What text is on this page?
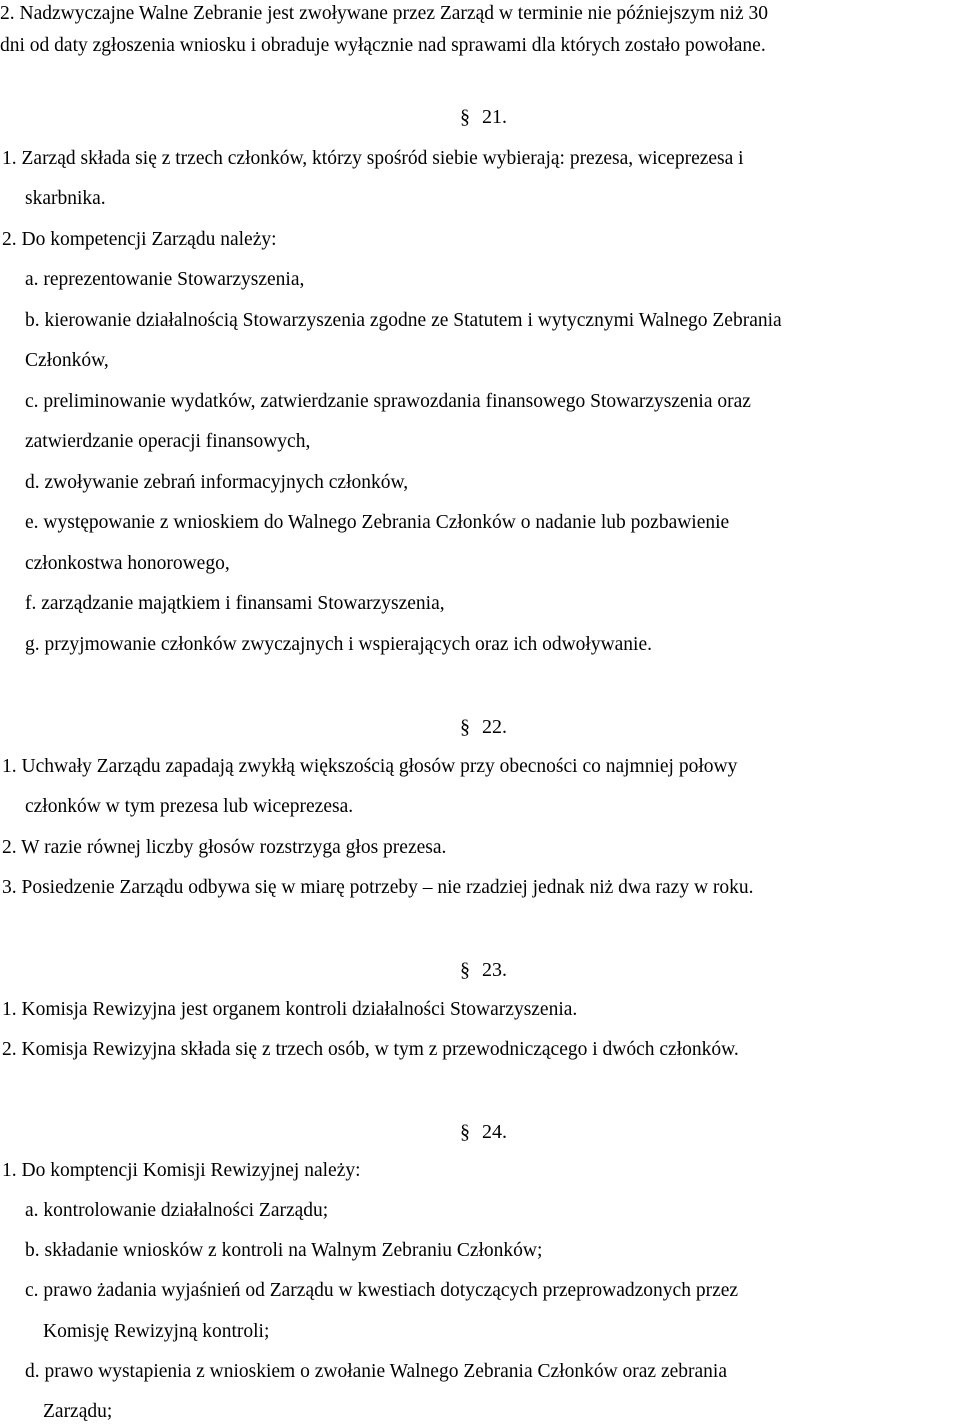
2. Nadzwyczajne Walne Zebranie jest zwoływane przez Zarząd w terminie nie późniejszym niż 30
dni od daty zgłoszenia wniosku i obraduje wyłącznie nad sprawami dla których zostało powołane.
§ 21.
1. Zarząd składa się z trzech członków, którzy spośród siebie wybierają: prezesa, wiceprezesa i
skarbnika.
2. Do kompetencji Zarządu należy:
a. reprezentowanie Stowarzyszenia,
b. kierowanie działalnością Stowarzyszenia zgodne ze Statutem i wytycznymi Walnego Zebrania
Członków,
c. preliminowanie wydatków, zatwierdzanie sprawozdania finansowego Stowarzyszenia oraz
zatwierdzanie operacji finansowych,
d. zwoływanie zebrań informacyjnych członków,
e. występowanie z wnioskiem do Walnego Zebrania Członków o nadanie lub pozbawienie
członkostwa honorowego,
f. zarządzanie majątkiem i finansami Stowarzyszenia,
g. przyjmowanie członków zwyczajnych i wspierających oraz ich odwoływanie.
§ 22.
1. Uchwały Zarządu zapadają zwykłą większością głosów przy obecności co najmniej połowy
członków w tym prezesa lub wiceprezesa.
2. W razie równej liczby głosów rozstrzyga głos prezesa.
3. Posiedzenie Zarządu odbywa się w miarę potrzeby – nie rzadziej jednak niż dwa razy w roku.
§ 23.
1. Komisja Rewizyjna jest organem kontroli działalności Stowarzyszenia.
2. Komisja Rewizyjna składa się z trzech osób, w tym z przewodniczącego i dwóch członków.
§ 24.
1. Do komptencji Komisji Rewizyjnej należy:
a. kontrolowanie działalności Zarządu;
b. składanie wniosków z kontroli na Walnym Zebraniu Członków;
c. prawo żadania wyjaśnień od Zarządu w kwestiach dotyczących przeprowadzonych przez
Komisję Rewizyjną kontroli;
d. prawo wystapienia z wnioskiem o zwołanie Walnego Zebrania Członków oraz zebrania
Zarządu;
